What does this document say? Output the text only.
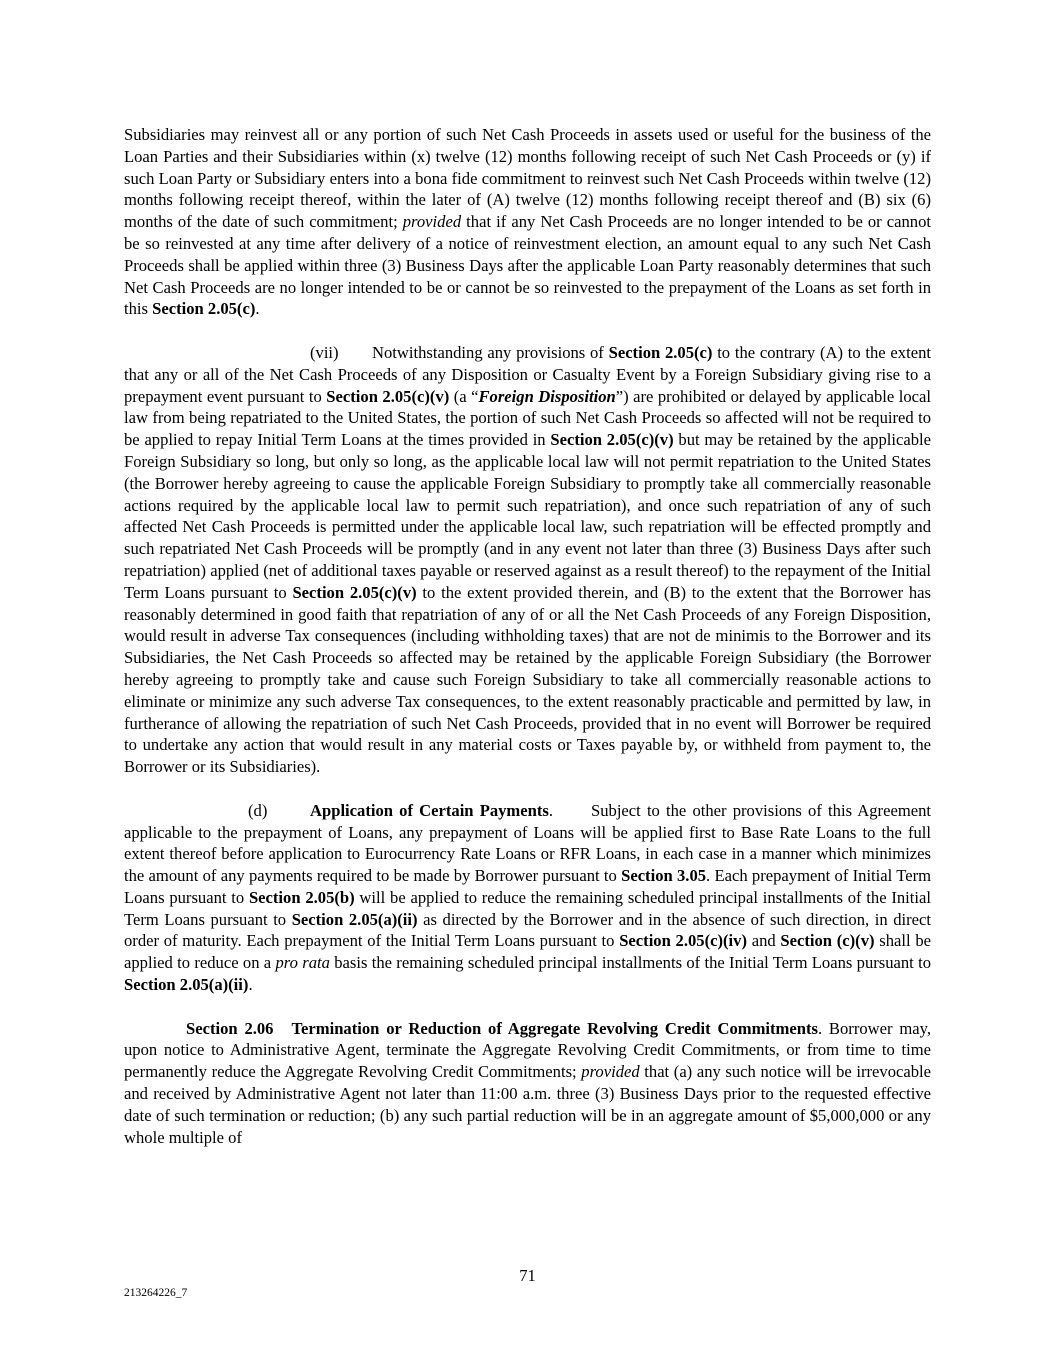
Subsidiaries may reinvest all or any portion of such Net Cash Proceeds in assets used or useful for the business of the Loan Parties and their Subsidiaries within (x) twelve (12) months following receipt of such Net Cash Proceeds or (y) if such Loan Party or Subsidiary enters into a bona fide commitment to reinvest such Net Cash Proceeds within twelve (12) months following receipt thereof, within the later of (A) twelve (12) months following receipt thereof and (B) six (6) months of the date of such commitment; provided that if any Net Cash Proceeds are no longer intended to be or cannot be so reinvested at any time after delivery of a notice of reinvestment election, an amount equal to any such Net Cash Proceeds shall be applied within three (3) Business Days after the applicable Loan Party reasonably determines that such Net Cash Proceeds are no longer intended to be or cannot be so reinvested to the prepayment of the Loans as set forth in this Section 2.05(c).

(vii) Notwithstanding any provisions of Section 2.05(c) to the contrary (A) to the extent that any or all of the Net Cash Proceeds of any Disposition or Casualty Event by a Foreign Subsidiary giving rise to a prepayment event pursuant to Section 2.05(c)(v) (a “Foreign Disposition”) are prohibited or delayed by applicable local law from being repatriated to the United States, the portion of such Net Cash Proceeds so affected will not be required to be applied to repay Initial Term Loans at the times provided in Section 2.05(c)(v) but may be retained by the applicable Foreign Subsidiary so long, but only so long, as the applicable local law will not permit repatriation to the United States (the Borrower hereby agreeing to cause the applicable Foreign Subsidiary to promptly take all commercially reasonable actions required by the applicable local law to permit such repatriation), and once such repatriation of any of such affected Net Cash Proceeds is permitted under the applicable local law, such repatriation will be effected promptly and such repatriated Net Cash Proceeds will be promptly (and in any event not later than three (3) Business Days after such repatriation) applied (net of additional taxes payable or reserved against as a result thereof) to the repayment of the Initial Term Loans pursuant to Section 2.05(c)(v) to the extent provided therein, and (B) to the extent that the Borrower has reasonably determined in good faith that repatriation of any of or all the Net Cash Proceeds of any Foreign Disposition, would result in adverse Tax consequences (including withholding taxes) that are not de minimis to the Borrower and its Subsidiaries, the Net Cash Proceeds so affected may be retained by the applicable Foreign Subsidiary (the Borrower hereby agreeing to promptly take and cause such Foreign Subsidiary to take all commercially reasonable actions to eliminate or minimize any such adverse Tax consequences, to the extent reasonably practicable and permitted by law, in furtherance of allowing the repatriation of such Net Cash Proceeds, provided that in no event will Borrower be required to undertake any action that would result in any material costs or Taxes payable by, or withheld from payment to, the Borrower or its Subsidiaries).

(d)	Application of Certain Payments. Subject to the other provisions of this Agreement applicable to the prepayment of Loans, any prepayment of Loans will be applied first to Base Rate Loans to the full extent thereof before application to Eurocurrency Rate Loans or RFR Loans, in each case in a manner which minimizes the amount of any payments required to be made by Borrower pursuant to Section 3.05. Each prepayment of Initial Term Loans pursuant to Section 2.05(b) will be applied to reduce the remaining scheduled principal installments of the Initial Term Loans pursuant to Section 2.05(a)(ii) as directed by the Borrower and in the absence of such direction, in direct order of maturity. Each prepayment of the Initial Term Loans pursuant to Section 2.05(c)(iv) and Section (c)(v) shall be applied to reduce on a pro rata basis the remaining scheduled principal installments of the Initial Term Loans pursuant to Section 2.05(a)(ii).

Section 2.06 Termination or Reduction of Aggregate Revolving Credit Commitments. Borrower may, upon notice to Administrative Agent, terminate the Aggregate Revolving Credit Commitments, or from time to time permanently reduce the Aggregate Revolving Credit Commitments; provided that (a) any such notice will be irrevocable and received by Administrative Agent not later than 11:00 a.m. three (3) Business Days prior to the requested effective date of such termination or reduction; (b) any such partial reduction will be in an aggregate amount of $5,000,000 or any whole multiple of

71
213264226_7
